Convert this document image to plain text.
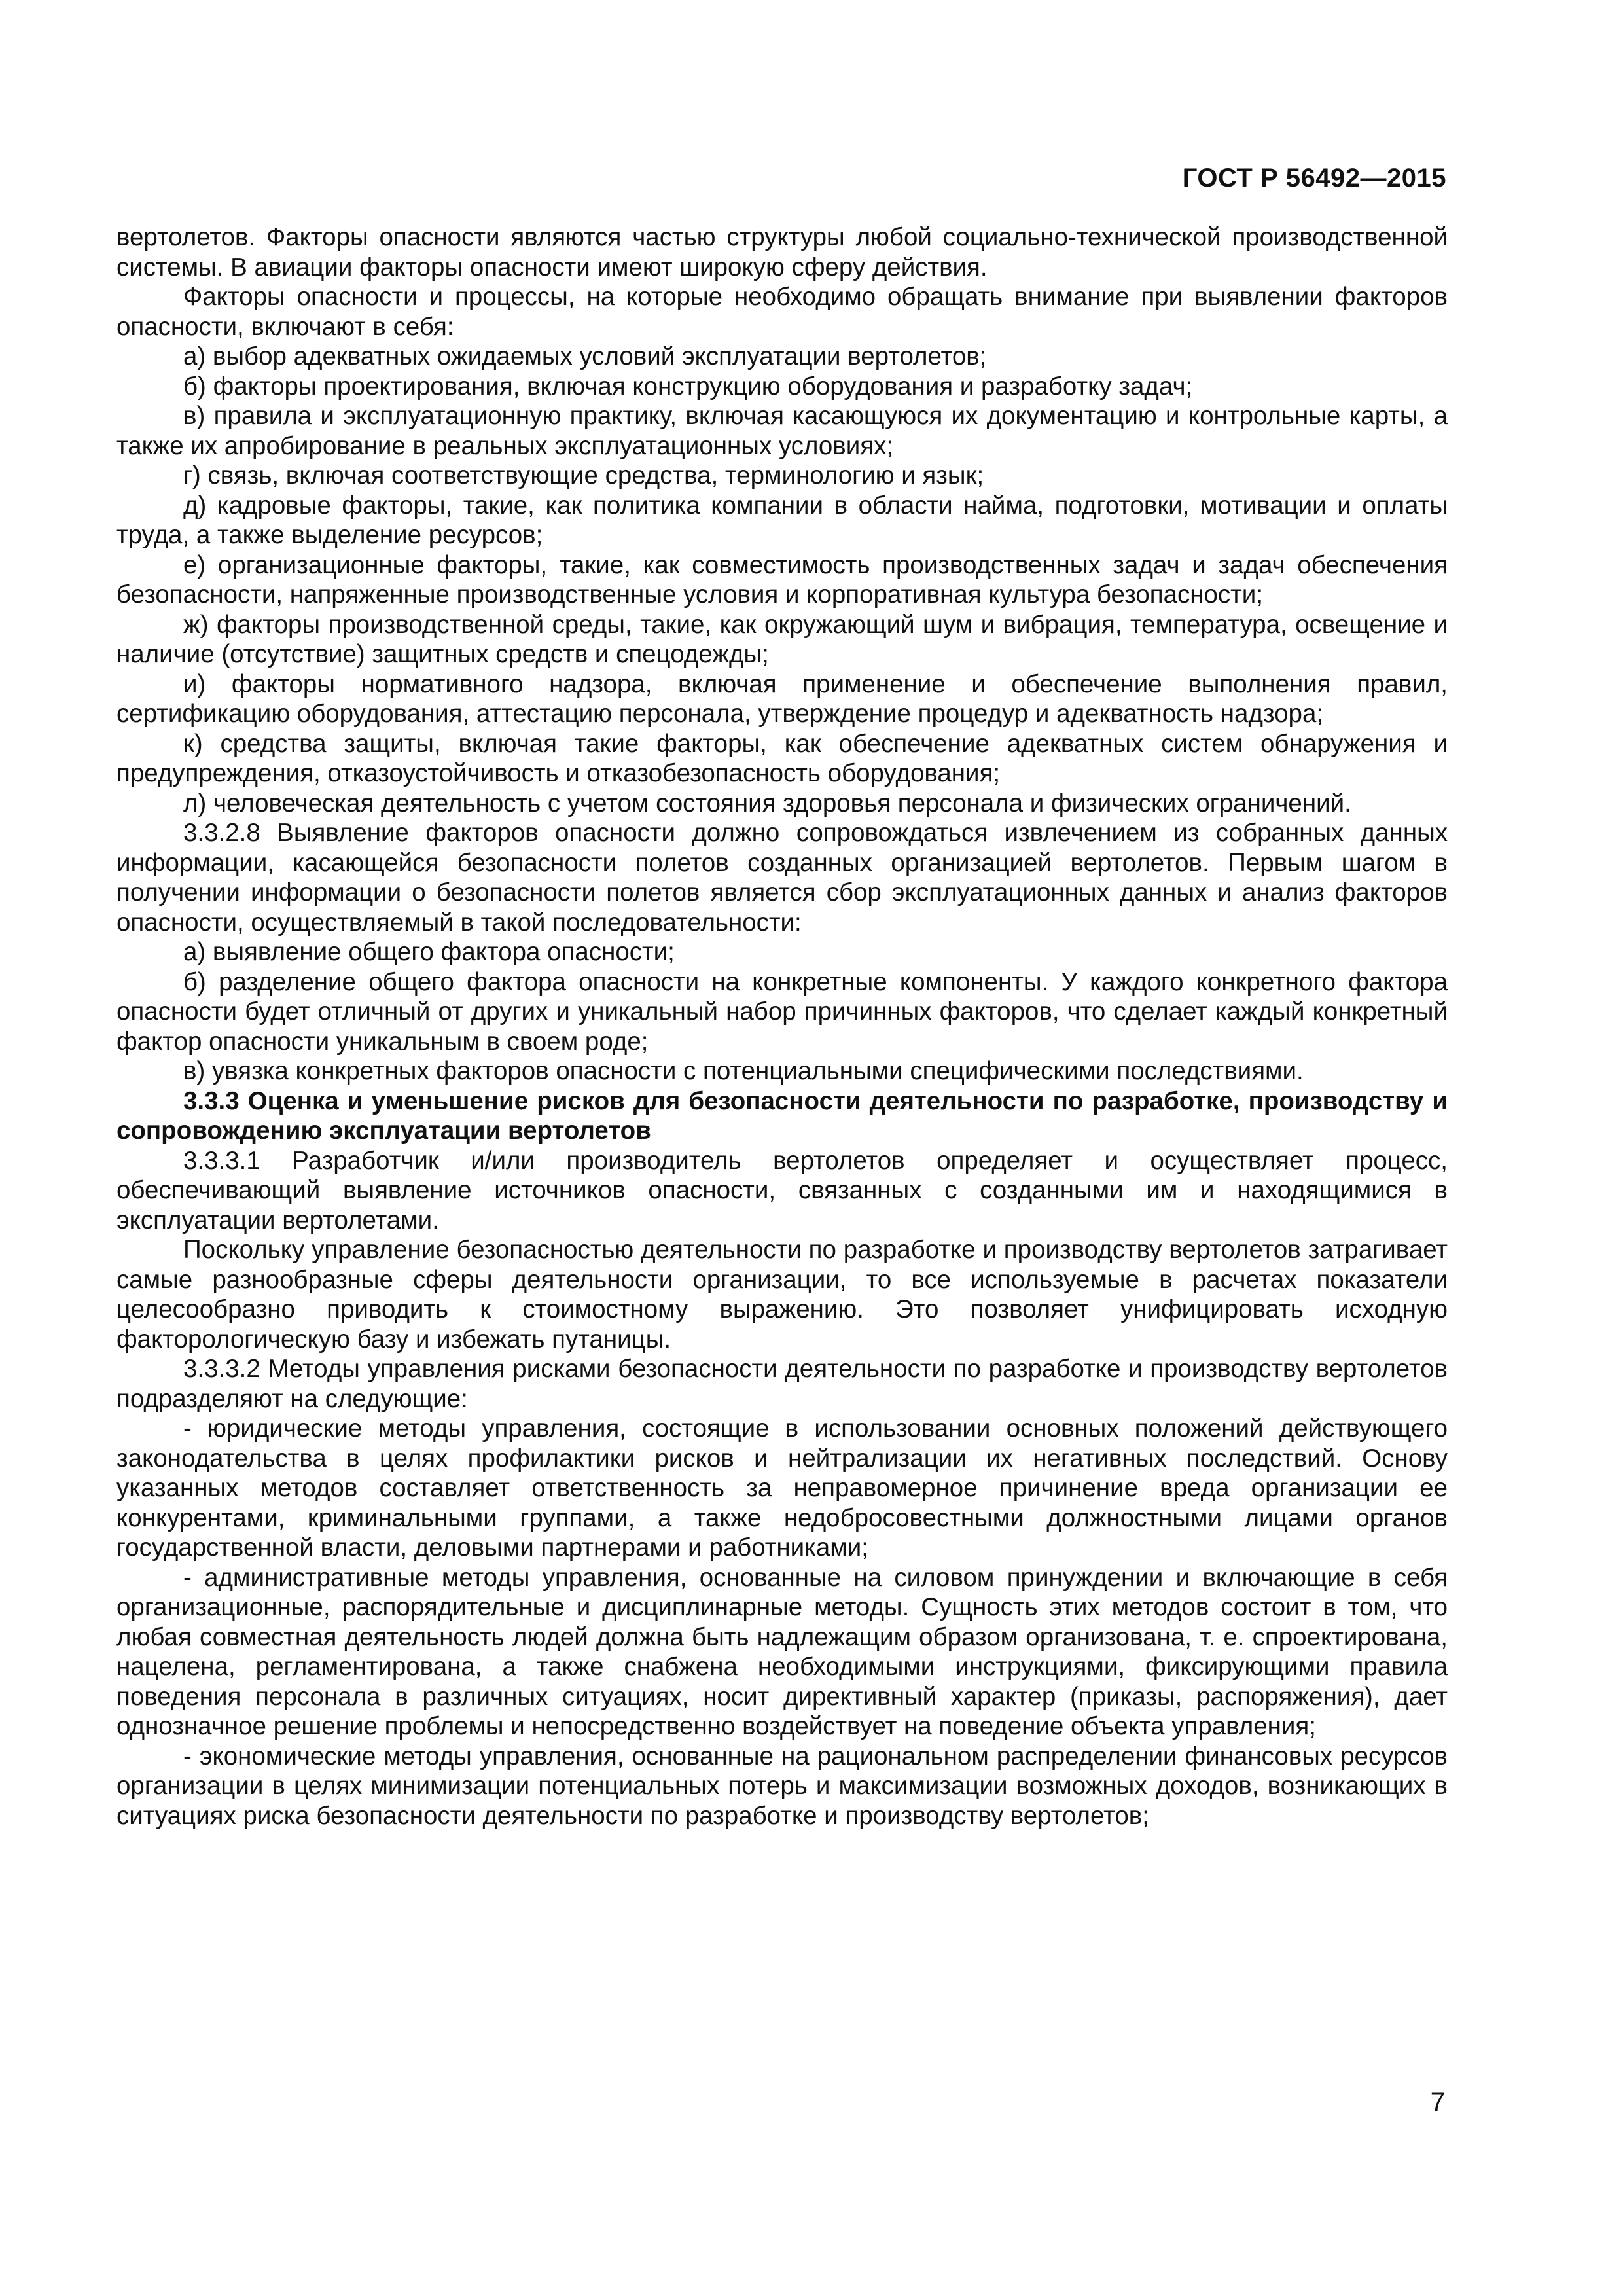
ГОСТ Р 56492—2015

вертолетов. Факторы опасности являются частью структуры любой социально-технической производственной системы. В авиации факторы опасности имеют широкую сферу действия.

Факторы опасности и процессы, на которые необходимо обращать внимание при выявлении факторов опасности, включают в себя:

а) выбор адекватных ожидаемых условий эксплуатации вертолетов;

б) факторы проектирования, включая конструкцию оборудования и разработку задач;

в) правила и эксплуатационную практику, включая касающуюся их документацию и контрольные карты, а также их апробирование в реальных эксплуатационных условиях;

г) связь, включая соответствующие средства, терминологию и язык;

д) кадровые факторы, такие, как политика компании в области найма, подготовки, мотивации и оплаты труда, а также выделение ресурсов;

е) организационные факторы, такие, как совместимость производственных задач и задач обеспечения безопасности, напряженные производственные условия и корпоративная культура безопасности;

ж) факторы производственной среды, такие, как окружающий шум и вибрация, температура, освещение и наличие (отсутствие) защитных средств и спецодежды;

и) факторы нормативного надзора, включая применение и обеспечение выполнения правил, сертификацию оборудования, аттестацию персонала, утверждение процедур и адекватность надзора;

к) средства защиты, включая такие факторы, как обеспечение адекватных систем обнаружения и предупреждения, отказоустойчивость и отказобезопасность оборудования;

л) человеческая деятельность с учетом состояния здоровья персонала и физических ограничений.

3.3.2.8 Выявление факторов опасности должно сопровождаться извлечением из собранных данных информации, касающейся безопасности полетов созданных организацией вертолетов. Первым шагом в получении информации о безопасности полетов является сбор эксплуатационных данных и анализ факторов опасности, осуществляемый в такой последовательности:

а) выявление общего фактора опасности;

б) разделение общего фактора опасности на конкретные компоненты. У каждого конкретного фактора опасности будет отличный от других и уникальный набор причинных факторов, что сделает каждый конкретный фактор опасности уникальным в своем роде;

в) увязка конкретных факторов опасности с потенциальными специфическими последствиями.

3.3.3 Оценка и уменьшение рисков для безопасности деятельности по разработке, производству и сопровождению эксплуатации вертолетов

3.3.3.1 Разработчик и/или производитель вертолетов определяет и осуществляет процесс, обеспечивающий выявление источников опасности, связанных с созданными им и находящимися в эксплуатации вертолетами.

Поскольку управление безопасностью деятельности по разработке и производству вертолетов затрагивает самые разнообразные сферы деятельности организации, то все используемые в расчетах показатели целесообразно приводить к стоимостному выражению. Это позволяет унифицировать исходную факторологическую базу и избежать путаницы.

3.3.3.2 Методы управления рисками безопасности деятельности по разработке и производству вертолетов подразделяют на следующие:

- юридические методы управления, состоящие в использовании основных положений действующего законодательства в целях профилактики рисков и нейтрализации их негативных последствий. Основу указанных методов составляет ответственность за неправомерное причинение вреда организации ее конкурентами, криминальными группами, а также недобросовестными должностными лицами органов государственной власти, деловыми партнерами и работниками;

- административные методы управления, основанные на силовом принуждении и включающие в себя организационные, распорядительные и дисциплинарные методы. Сущность этих методов состоит в том, что любая совместная деятельность людей должна быть надлежащим образом организована, т. е. спроектирована, нацелена, регламентирована, а также снабжена необходимыми инструкциями, фиксирующими правила поведения персонала в различных ситуациях, носит директивный характер (приказы, распоряжения), дает однозначное решение проблемы и непосредственно воздействует на поведение объекта управления;

- экономические методы управления, основанные на рациональном распределении финансовых ресурсов организации в целях минимизации потенциальных потерь и максимизации возможных доходов, возникающих в ситуациях риска безопасности деятельности по разработке и производству вертолетов;

7
